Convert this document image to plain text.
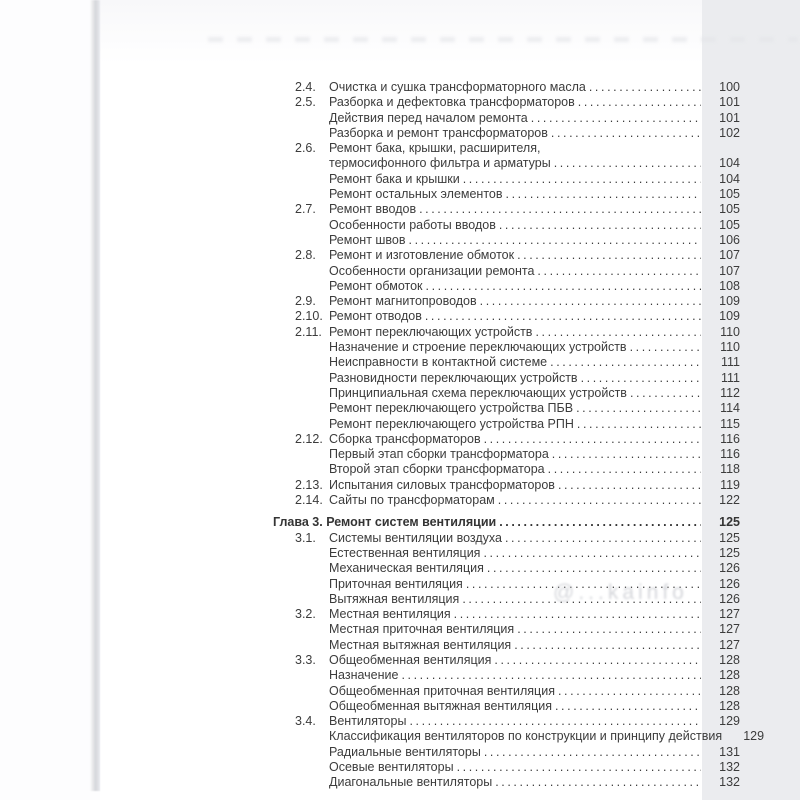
2.4.	Очистка и сушка трансформаторного масла .....	100
2.5.	Разборка и дефектовка трансформаторов .....	101
Действия перед началом ремонта .....	101
Разборка и ремонт трансформаторов .....	102
2.6.	Ремонт бака, крышки, расширителя,
термосифонного фильтра и арматуры .....	104
Ремонт бака и крышки .....	104
Ремонт остальных элементов .....	105
2.7.	Ремонт вводов .....	105
Особенности работы вводов .....	105
Ремонт швов .....	106
2.8.	Ремонт и изготовление обмоток .....	107
Особенности организации ремонта .....	107
Ремонт обмоток .....	108
2.9.	Ремонт магнитопроводов .....	109
2.10. Ремонт отводов .....	109
2.11. Ремонт переключающих устройств .....	110
Назначение и строение переключающих устройств .....	110
Неисправности в контактной системе .....	111
Разновидности переключающих устройств .....	111
Принципиальная схема переключающих устройств .....	112
Ремонт переключающего устройства ПБВ .....	114
Ремонт переключающего устройства РПН .....	115
2.12. Сборка трансформаторов .....	116
Первый этап сборки трансформатора .....	116
Второй этап сборки трансформатора .....	118
2.13. Испытания силовых трансформаторов .....	119
2.14. Сайты по трансформаторам .....	122
Глава 3. Ремонт систем вентиляции .....	125
3.1.	Системы вентиляции воздуха .....	125
Естественная вентиляция .....	125
Механическая вентиляция .....	126
Приточная вентиляция .....	126
Вытяжная вентиляция .....	126
3.2.	Местная вентиляция .....	127
Местная приточная вентиляция .....	127
Местная вытяжная вентиляция .....	127
3.3.	Общеобменная вентиляция .....	128
Назначение .....	128
Общеобменная приточная вентиляция .....	128
Общеобменная вытяжная вентиляция .....	128
3.4.	Вентиляторы .....	129
Классификация вентиляторов по конструкции и принципу действия	129
Радиальные вентиляторы .....	131
Осевые вентиляторы .....	132
Диагональные вентиляторы .....	132
@...kainfo
